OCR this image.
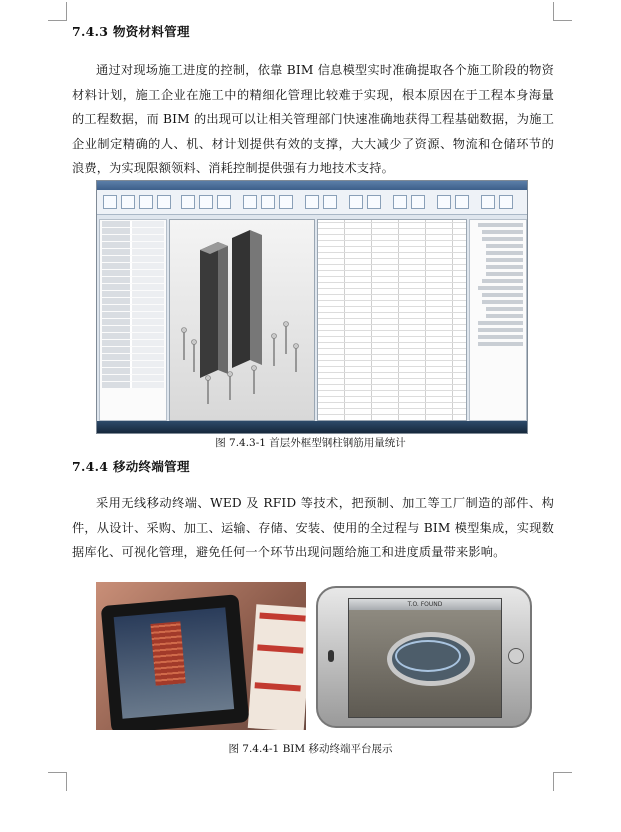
7.4.3 物资材料管理

通过对现场施工进度的控制，依靠 BIM 信息模型实时准确提取各个施工阶段的物资材料计划，施工企业在施工中的精细化管理比较难于实现，根本原因在于工程本身海量的工程数据，而 BIM 的出现可以让相关管理部门快速准确地获得工程基础数据，为施工企业制定精确的人、机、材计划提供有效的支撑，大大减少了资源、物流和仓储环节的浪费，为实现限额领料、消耗控制提供强有力地技术支持。

图 7.4.3-1 首层外框型钢柱钢筋用量统计
7.4.4 移动终端管理

采用无线移动终端、WED 及 RFID 等技术，把预制、加工等工厂制造的部件、构件，从设计、采购、加工、运输、存储、安装、使用的全过程与 BIM 模型集成，实现数据库化、可视化管理，避免任何一个环节出现问题给施工和进度质量带来影响。

T.O. FOUND
图 7.4.4-1 BIM 移动终端平台展示
